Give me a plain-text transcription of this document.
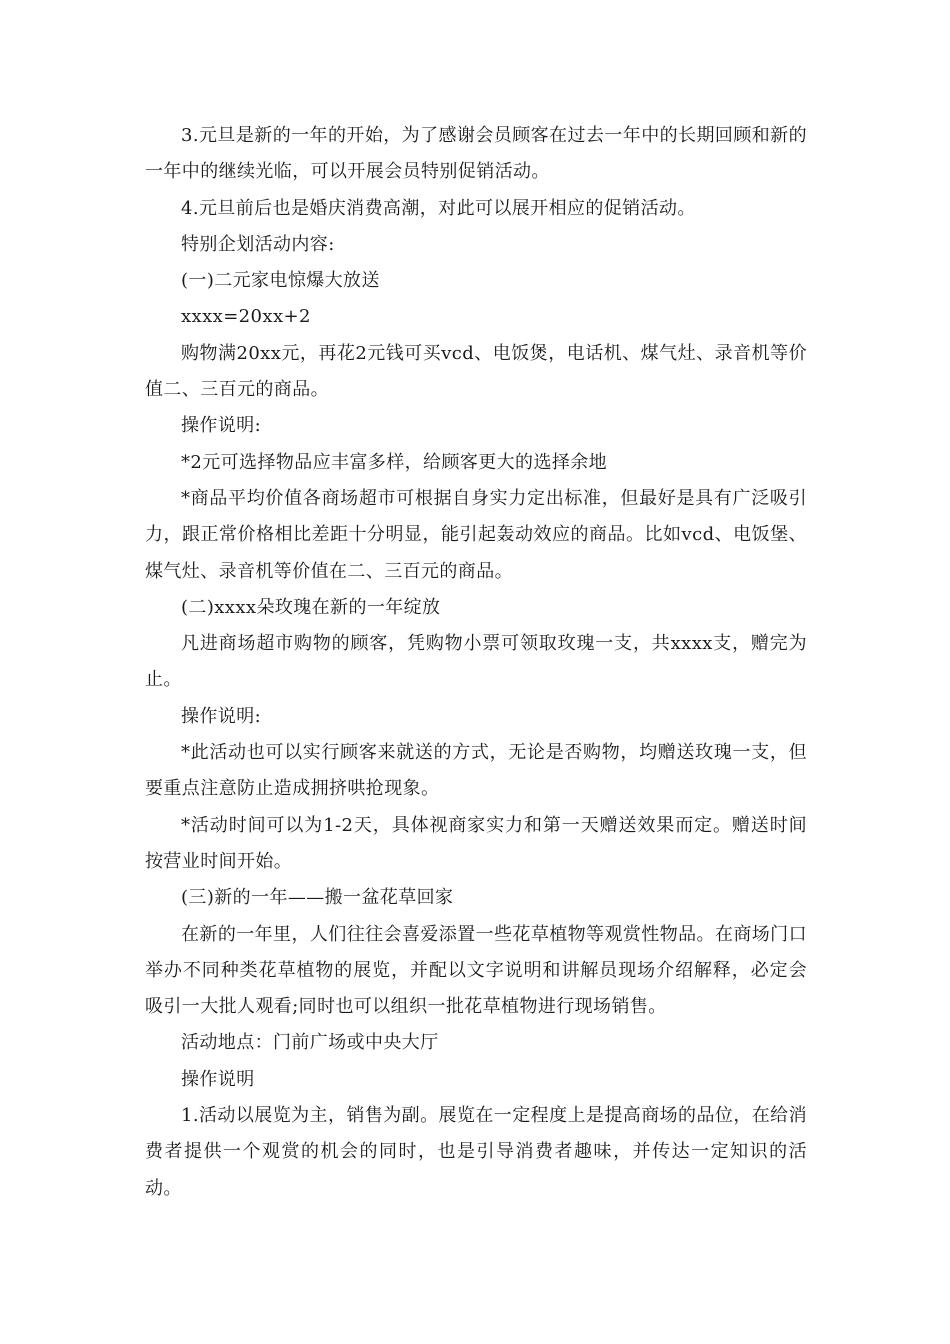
3.元旦是新的一年的开始，为了感谢会员顾客在过去一年中的长期回顾和新的一年中的继续光临，可以开展会员特别促销活动。

4.元旦前后也是婚庆消费高潮，对此可以展开相应的促销活动。

特别企划活动内容:

(一)二元家电惊爆大放送

xxxx=20xx+2

购物满20xx元，再花2元钱可买vcd、电饭煲，电话机、煤气灶、录音机等价值二、三百元的商品。

操作说明:

*2元可选择物品应丰富多样，给顾客更大的选择余地

*商品平均价值各商场超市可根据自身实力定出标准，但最好是具有广泛吸引力，跟正常价格相比差距十分明显，能引起轰动效应的商品。比如vcd、电饭堡、煤气灶、录音机等价值在二、三百元的商品。

(二)xxxx朵玫瑰在新的一年绽放

凡进商场超市购物的顾客，凭购物小票可领取玫瑰一支，共xxxx支，赠完为止。

操作说明:

*此活动也可以实行顾客来就送的方式，无论是否购物，均赠送玫瑰一支，但要重点注意防止造成拥挤哄抢现象。

*活动时间可以为1-2天，具体视商家实力和第一天赠送效果而定。赠送时间按营业时间开始。

(三)新的一年——搬一盆花草回家

在新的一年里，人们往往会喜爱添置一些花草植物等观赏性物品。在商场门口举办不同种类花草植物的展览，并配以文字说明和讲解员现场介绍解释，必定会吸引一大批人观看;同时也可以组织一批花草植物进行现场销售。

活动地点：门前广场或中央大厅

操作说明

1.活动以展览为主，销售为副。展览在一定程度上是提高商场的品位，在给消费者提供一个观赏的机会的同时，也是引导消费者趣味，并传达一定知识的活动。
